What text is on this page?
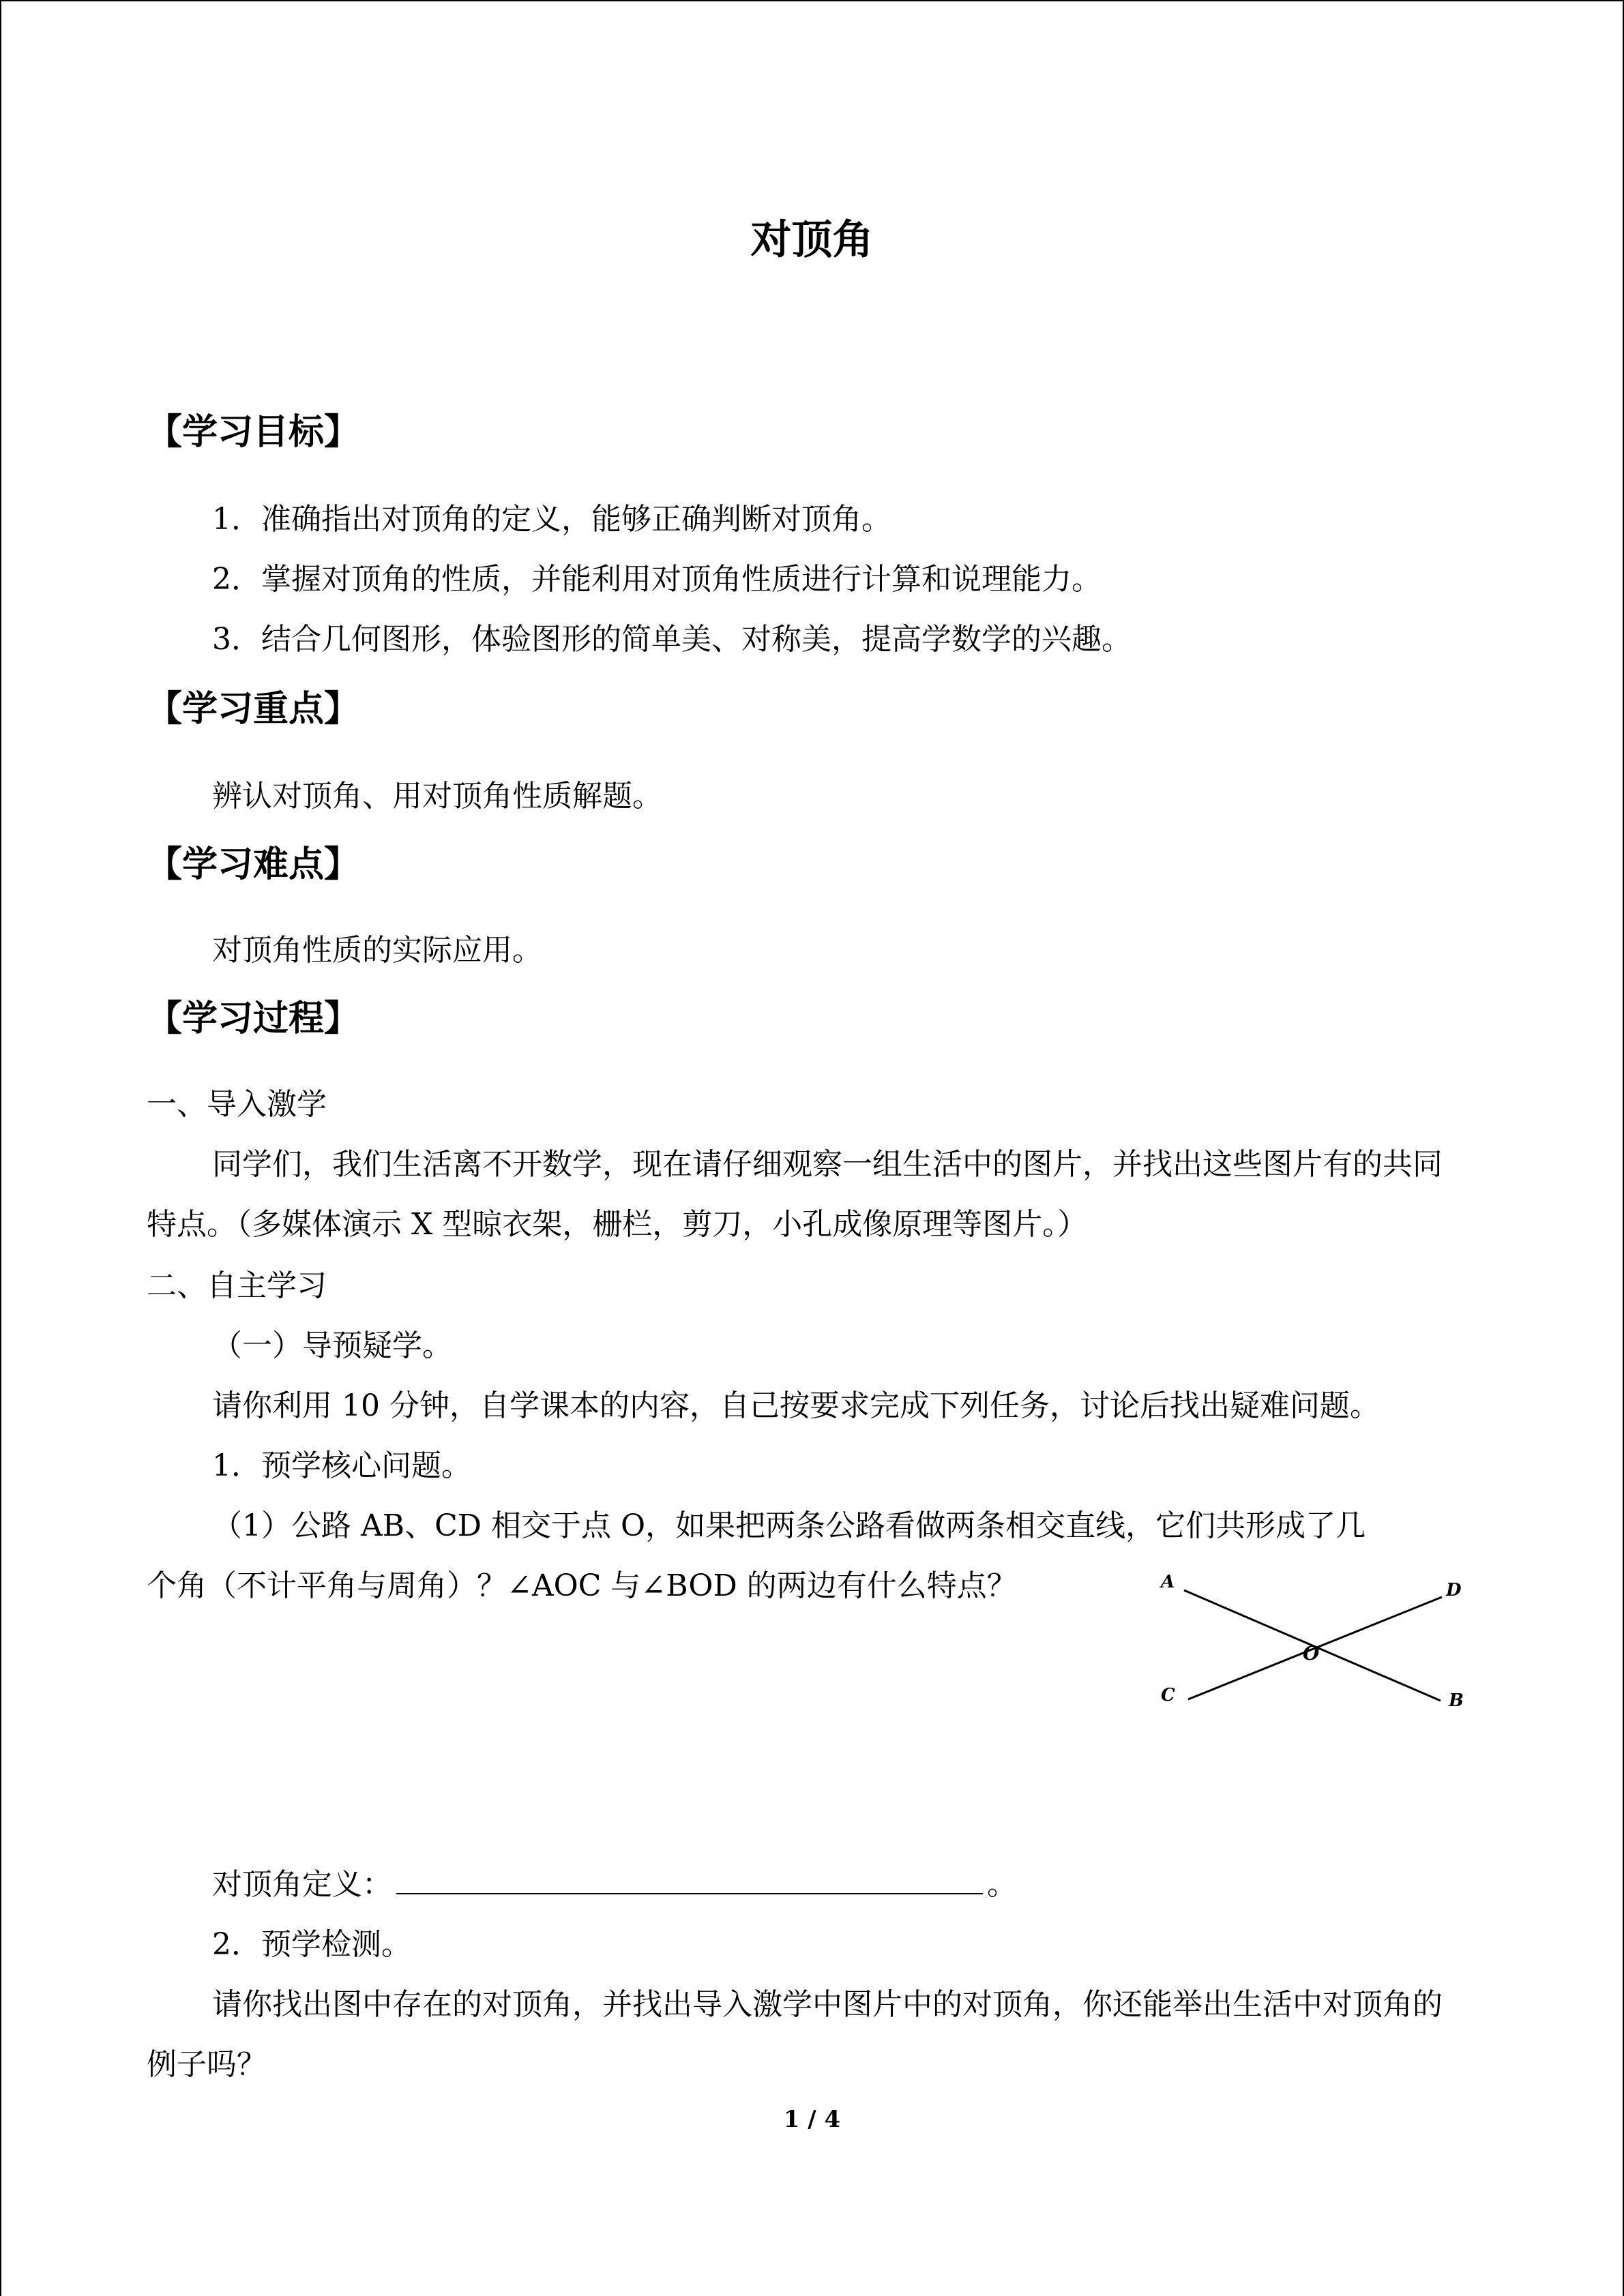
对顶角
【学习目标】
1．准确指出对顶角的定义，能够正确判断对顶角。
2．掌握对顶角的性质，并能利用对顶角性质进行计算和说理能力。
3．结合几何图形，体验图形的简单美、对称美，提高学数学的兴趣。
【学习重点】
辨认对顶角、用对顶角性质解题。
【学习难点】
对顶角性质的实际应用。
【学习过程】
一、导入激学
同学们，我们生活离不开数学，现在请仔细观察一组生活中的图片，并找出这些图片有的共同特点。（多媒体演示 X 型晾衣架，栅栏，剪刀，小孔成像原理等图片。）
二、自主学习
（一）导预疑学。
请你利用 10 分钟，自学课本的内容，自己按要求完成下列任务，讨论后找出疑难问题。
1．预学核心问题。
（1）公路 AB、CD 相交于点 O，如果把两条公路看做两条相交直线，它们共形成了几
个角（不计平角与周角）？∠AOC 与∠BOD 的两边有什么特点？	A	D
O
C	B
对顶角定义：	。
2．预学检测。
请你找出图中存在的对顶角，并找出导入激学中图片中的对顶角，你还能举出生活中对顶角的例子吗？
1 / 4
